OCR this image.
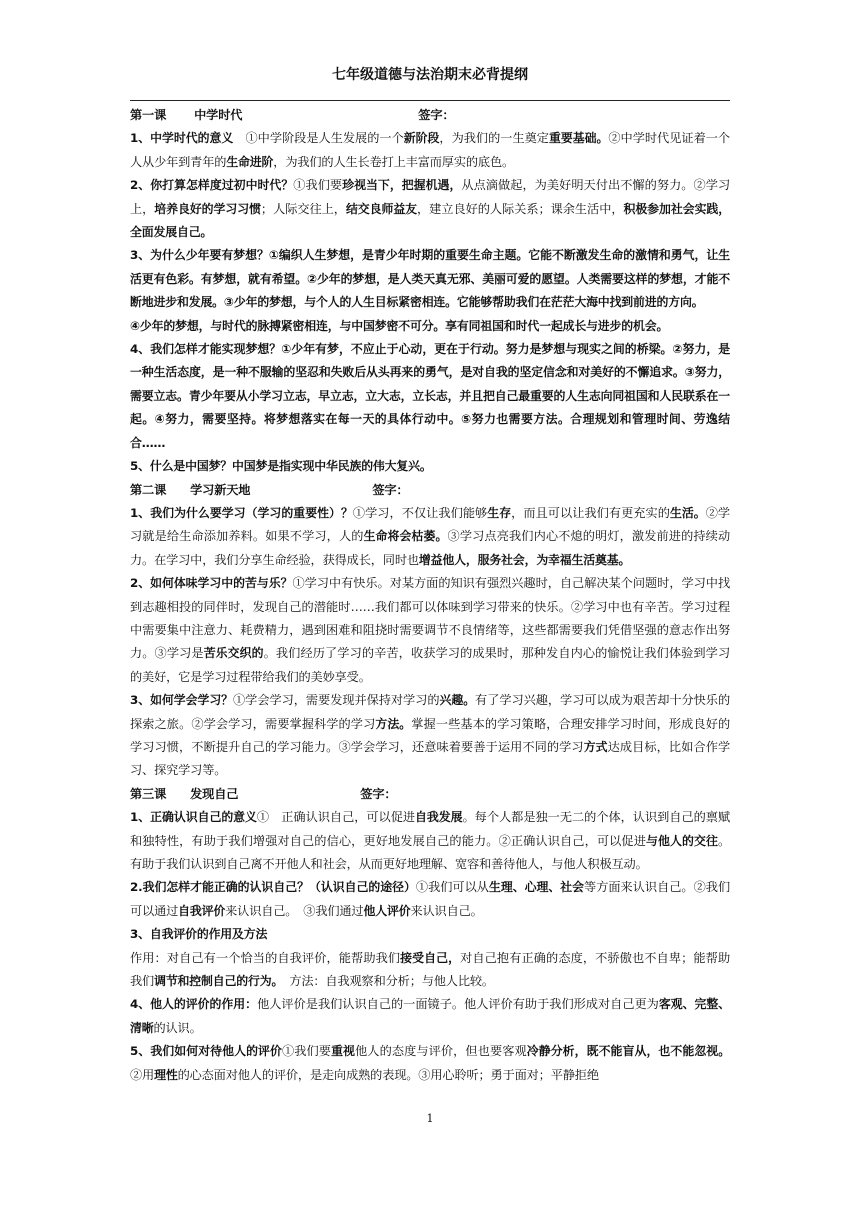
七年级道德与法治期末必背提纲

第一课 中学时代	签字：

1、中学时代的意义　①中学阶段是人生发展的一个新阶段，为我们的一生奠定重要基础。②中学时代见证着一个人从少年到青年的生命进阶，为我们的人生长卷打上丰富而厚实的底色。

2、你打算怎样度过初中时代？①我们要珍视当下，把握机遇，从点滴做起，为美好明天付出不懈的努力。②学习上，培养良好的学习习惯；人际交往上，结交良师益友，建立良好的人际关系；课余生活中，积极参加社会实践，全面发展自己。

3、为什么少年要有梦想？①编织人生梦想，是青少年时期的重要生命主题。它能不断激发生命的激情和勇气，让生活更有色彩。有梦想，就有希望。②少年的梦想，是人类天真无邪、美丽可爱的愿望。人类需要这样的梦想，才能不断地进步和发展。③少年的梦想，与个人的人生目标紧密相连。它能够帮助我们在茫茫大海中找到前进的方向。

④少年的梦想，与时代的脉搏紧密相连，与中国梦密不可分。享有同祖国和时代一起成长与进步的机会。

4、我们怎样才能实现梦想？①少年有梦，不应止于心动，更在于行动。努力是梦想与现实之间的桥梁。②努力，是一种生活态度，是一种不服输的坚忍和失败后从头再来的勇气，是对自我的坚定信念和对美好的不懈追求。③努力，需要立志。青少年要从小学习立志，早立志，立大志，立长志，并且把自己最重要的人生志向同祖国和人民联系在一起。④努力，需要坚持。将梦想落实在每一天的具体行动中。⑤努力也需要方法。合理规划和管理时间、劳逸结合……

5、什么是中国梦？中国梦是指实现中华民族的伟大复兴。

第二课 学习新天地	签字：

1、我们为什么要学习（学习的重要性）？①学习，不仅让我们能够生存，而且可以让我们有更充实的生活。②学习就是给生命添加养料。如果不学习，人的生命将会枯萎。③学习点亮我们内心不熄的明灯，激发前进的持续动力。在学习中，我们分享生命经验，获得成长，同时也增益他人，服务社会，为幸福生活奠基。

2、如何体味学习中的苦与乐？①学习中有快乐。对某方面的知识有强烈兴趣时，自己解决某个问题时，学习中找到志趣相投的同伴时，发现自己的潜能时……我们都可以体味到学习带来的快乐。②学习中也有辛苦。学习过程中需要集中注意力、耗费精力，遇到困难和阻挠时需要调节不良情绪等，这些都需要我们凭借坚强的意志作出努力。③学习是苦乐交织的。我们经历了学习的辛苦，收获学习的成果时，那种发自内心的愉悦让我们体验到学习的美好，它是学习过程带给我们的美妙享受。

3、如何学会学习？①学会学习，需要发现并保持对学习的兴趣。有了学习兴趣，学习可以成为艰苦却十分快乐的探索之旅。②学会学习，需要掌握科学的学习方法。掌握一些基本的学习策略，合理安排学习时间，形成良好的学习习惯，不断提升自己的学习能力。③学会学习，还意味着要善于运用不同的学习方式达成目标，比如合作学习、探究学习等。

第三课 发现自己	签字：

1、正确认识自己的意义①　正确认识自己，可以促进自我发展。每个人都是独一无二的个体，认识到自己的禀赋和独特性，有助于我们增强对自己的信心，更好地发展自己的能力。②正确认识自己，可以促进与他人的交往。有助于我们认识到自己离不开他人和社会，从而更好地理解、宽容和善待他人，与他人积极互动。

2.我们怎样才能正确的认识自己？（认识自己的途径）①我们可以从生理、心理、社会等方面来认识自己。②我们可以通过自我评价来认识自己。　③我们通过他人评价来认识自己。

3、自我评价的作用及方法

作用：对自己有一个恰当的自我评价，能帮助我们接受自己，对自己抱有正确的态度，不骄傲也不自卑；能帮助我们调节和控制自己的行为。　方法：自我观察和分析；与他人比较。

4、他人的评价的作用：他人评价是我们认识自己的一面镜子。他人评价有助于我们形成对自己更为客观、完整、清晰的认识。

5、我们如何对待他人的评价①我们要重视他人的态度与评价，但也要客观冷静分析，既不能盲从，也不能忽视。②用理性的心态面对他人的评价，是走向成熟的表现。③用心聆听；勇于面对；平静拒绝

1
